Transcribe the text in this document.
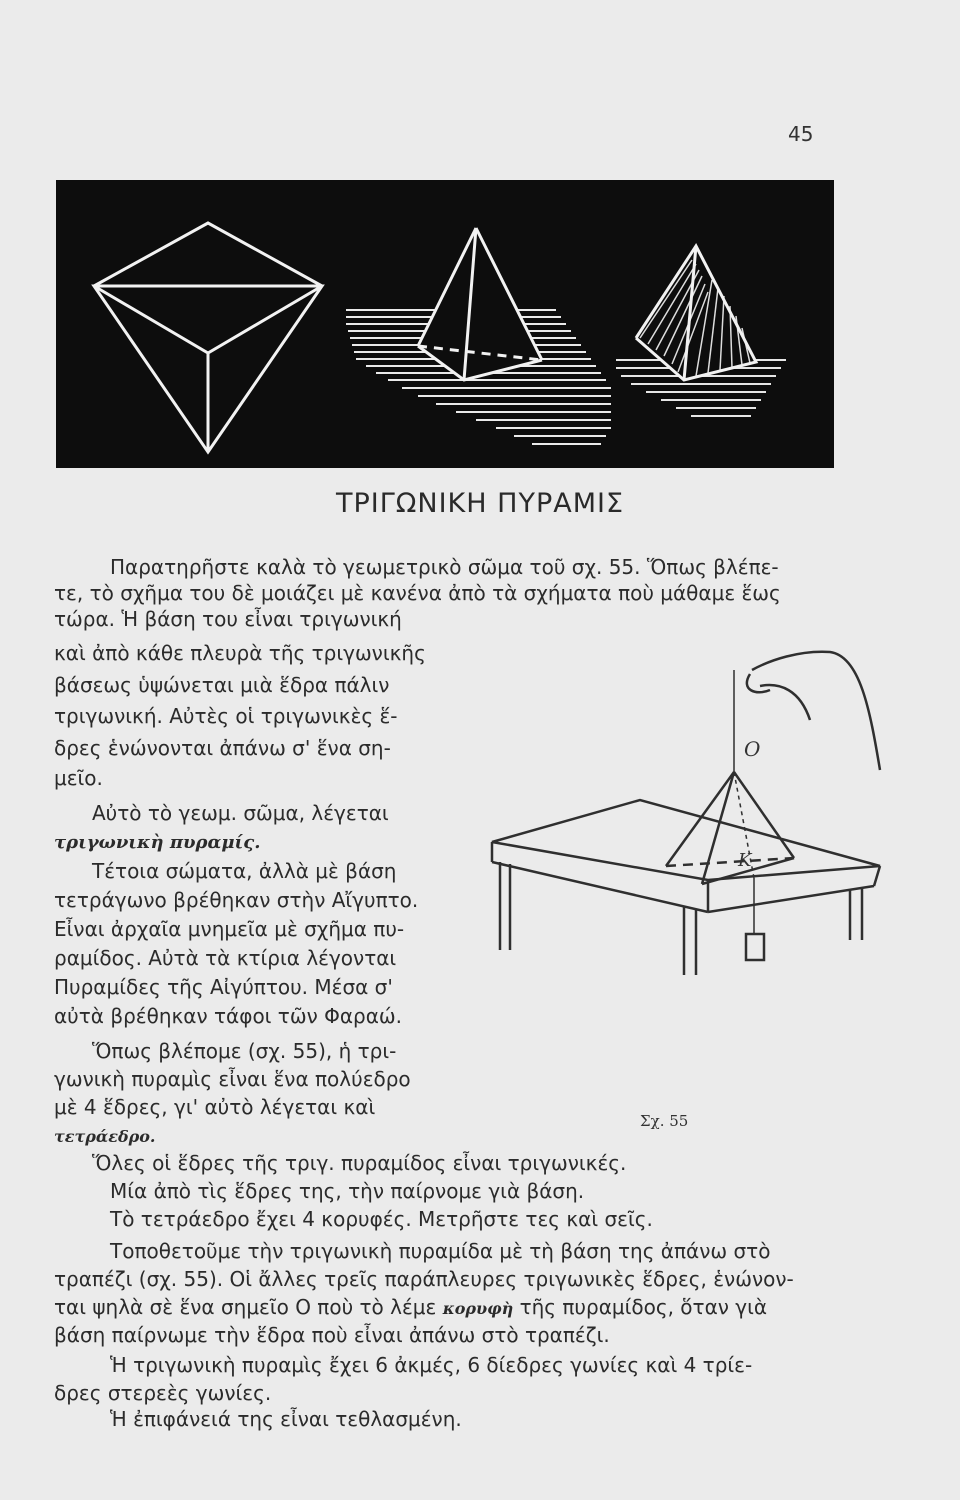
45
ΤΡΙΓΩΝΙΚΗ ΠΥΡΑΜΙΣ
Παρατηρῆστε καλὰ τὸ γεωμετρικὸ σῶμα τοῦ σχ. 55. Ὅπως βλέπε-
τε, τὸ σχῆμα του δὲ μοιάζει μὲ κανένα ἀπὸ τὰ σχήματα ποὺ μάθαμε ἕως
τώρα. Ἡ βάση του εἶναι τριγωνική
καὶ ἀπὸ κάθε πλευρὰ τῆς τριγωνικῆς
βάσεως ὑψώνεται μιὰ ἕδρα πάλιν
τριγωνική. Αὐτὲς οἱ τριγωνικὲς ἕ-
δρες ἑνώνονται ἀπάνω σ' ἕνα ση-
μεῖο.
Αὐτὸ τὸ γεωμ. σῶμα, λέγεται
τριγωνικὴ πυραμίς.
Τέτοια σώματα, ἀλλὰ μὲ βάση
τετράγωνο βρέθηκαν στὴν Αἴγυπτο.
Εἶναι ἀρχαῖα μνημεῖα μὲ σχῆμα πυ-
ραμίδος. Αὐτὰ τὰ κτίρια λέγονται
Πυραμίδες τῆς Αἰγύπτου. Μέσα σ'
αὐτὰ βρέθηκαν τάφοι τῶν Φαραώ.
Ὅπως βλέπομε (σχ. 55), ἡ τρι-
γωνικὴ πυραμὶς εἶναι ἕνα πολύεδρο
μὲ 4 ἕδρες, γι' αὐτὸ λέγεται καὶ
τετράεδρο.
Ο
Κ
Σχ. 55
Ὅλες οἱ ἕδρες τῆς τριγ. πυραμίδος εἶναι τριγωνικές.
Μία ἀπὸ τὶς ἕδρες της, τὴν παίρνομε γιὰ βάση.
Τὸ τετράεδρο ἔχει 4 κορυφές. Μετρῆστε τες καὶ σεῖς.
Τοποθετοῦμε τὴν τριγωνικὴ πυραμίδα μὲ τὴ βάση της ἀπάνω στὸ
τραπέζι (σχ. 55). Οἱ ἄλλες τρεῖς παράπλευρες τριγωνικὲς ἕδρες, ἑνώνον-
ται ψηλὰ σὲ ἕνα σημεῖο Ο ποὺ τὸ λέμε κορυφὴ τῆς πυραμίδος, ὅταν γιὰ
βάση παίρνωμε τὴν ἕδρα ποὺ εἶναι ἀπάνω στὸ τραπέζι.
Ἡ τριγωνικὴ πυραμὶς ἔχει 6 ἀκμές, 6 δίεδρες γωνίες καὶ 4 τρίε-
δρες στερεὲς γωνίες.
Ἡ ἐπιφάνειά της εἶναι τεθλασμένη.
